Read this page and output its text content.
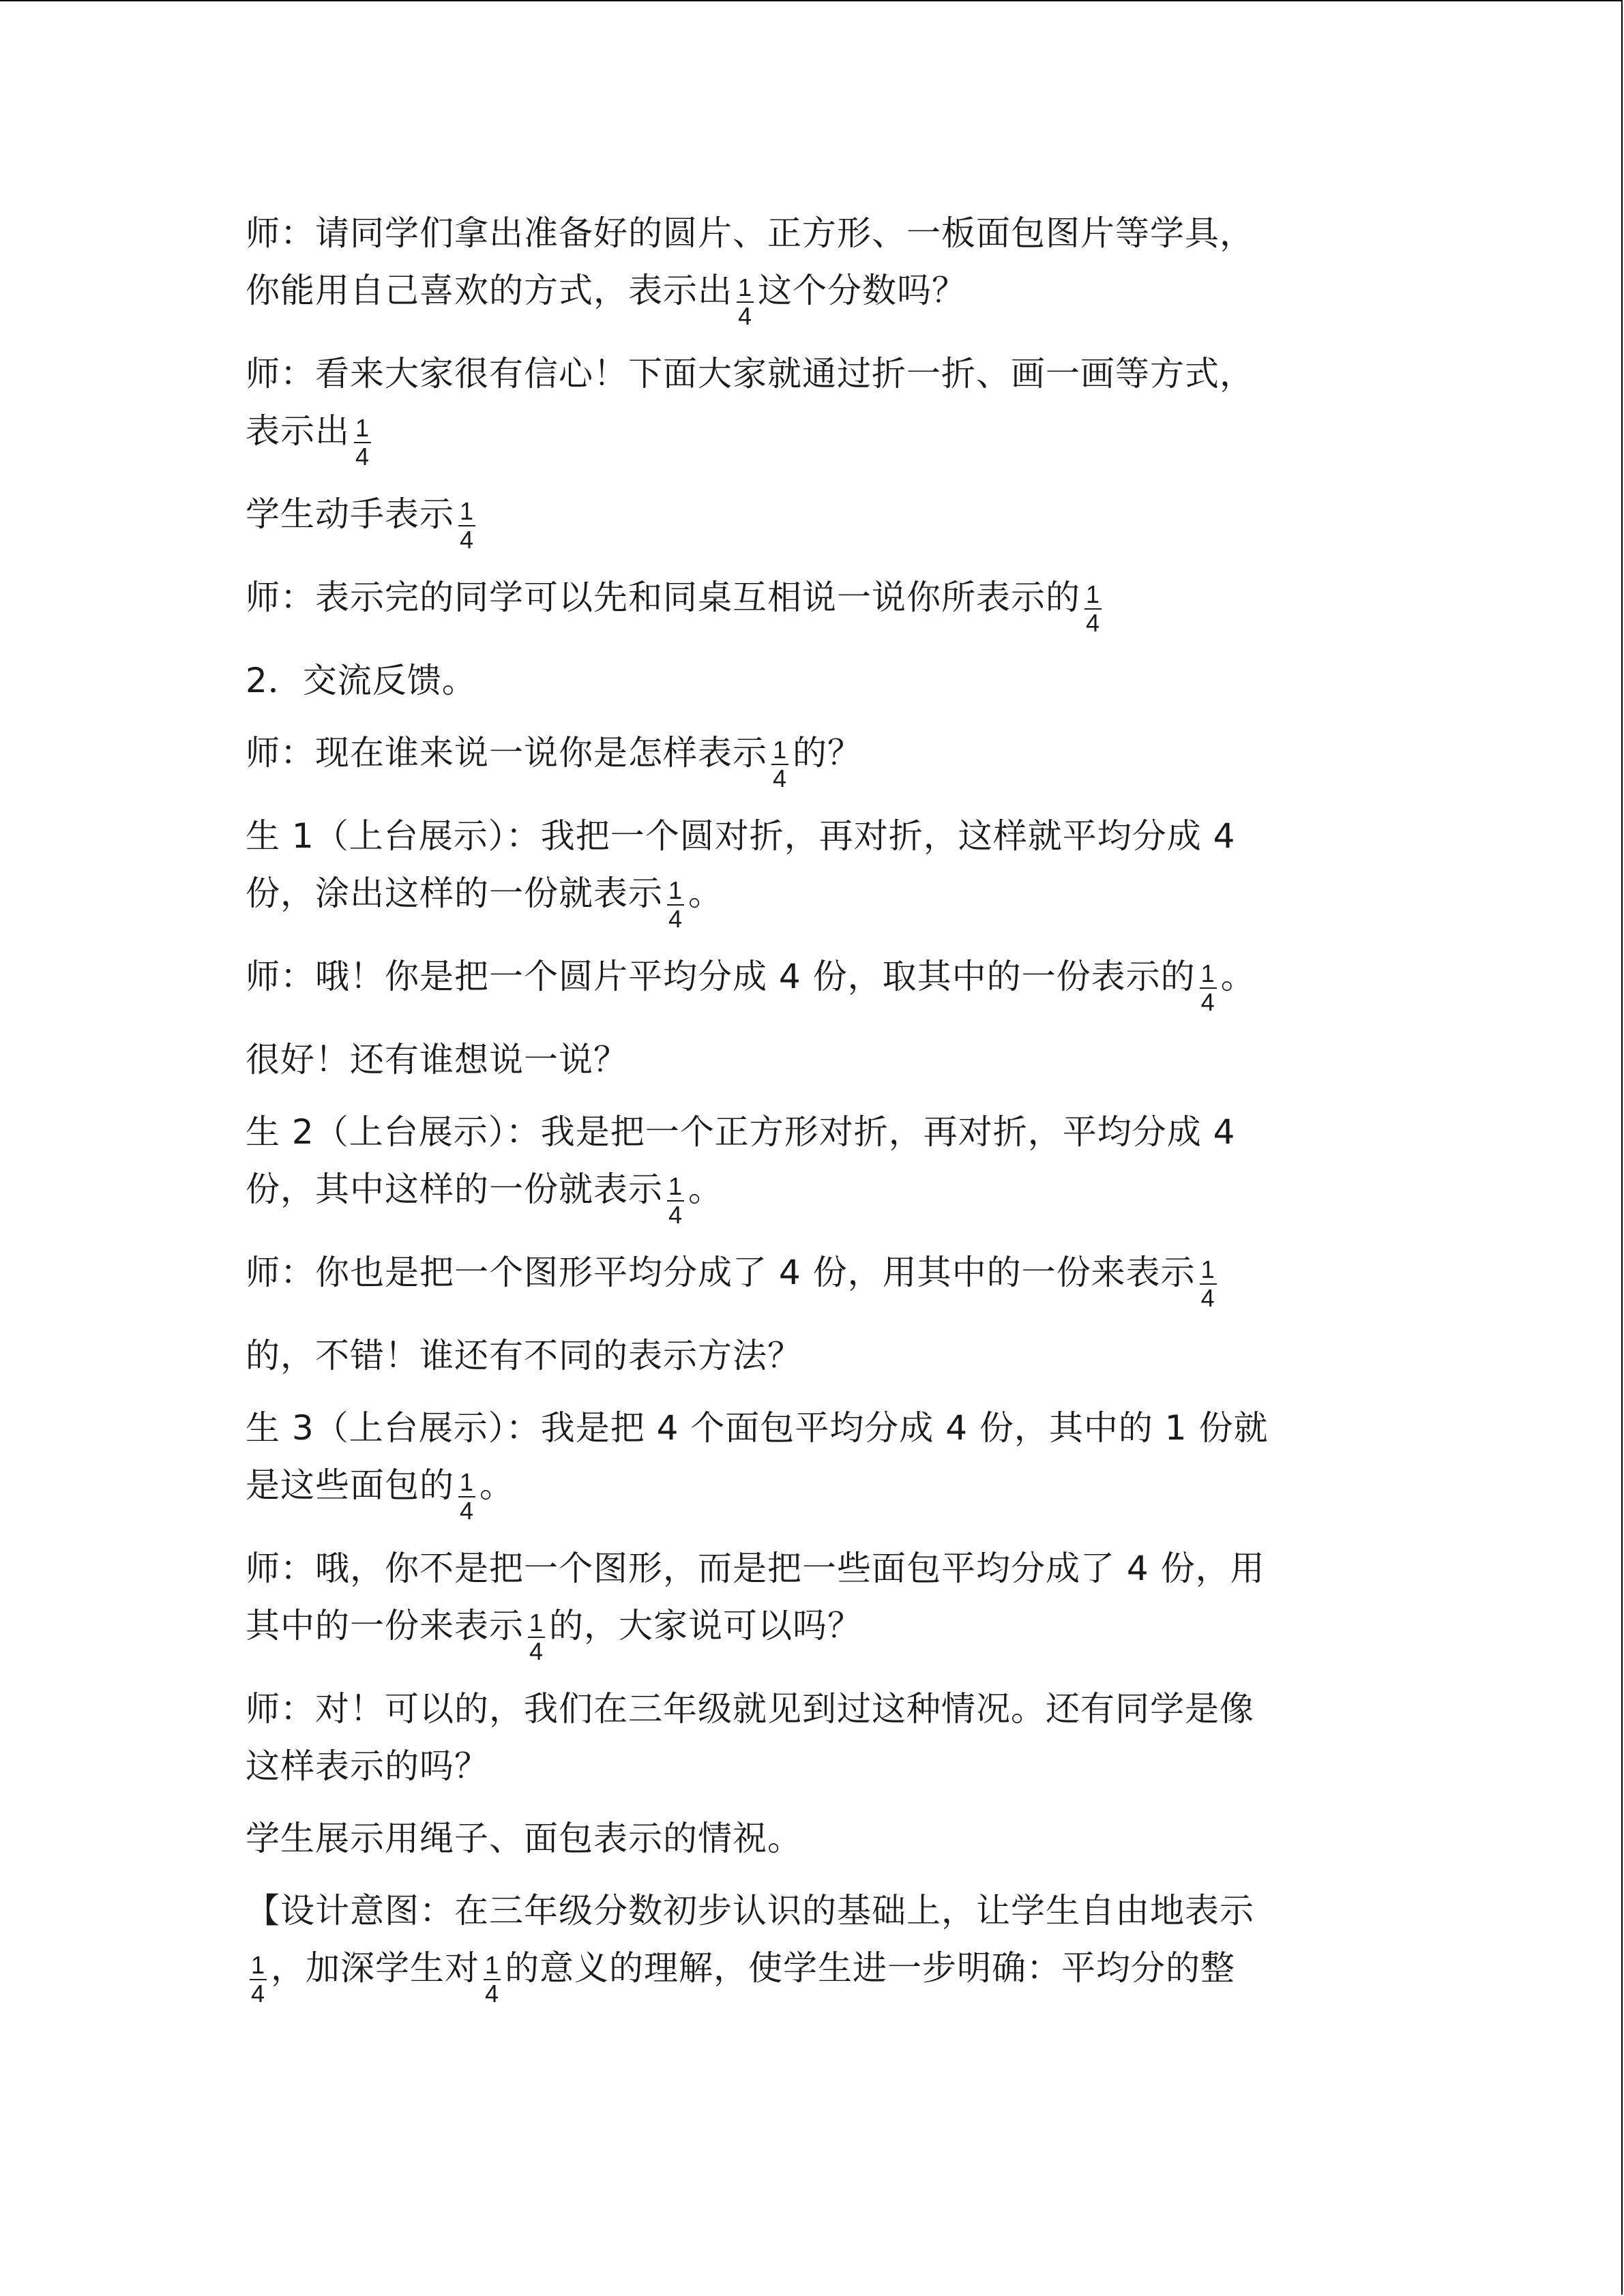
师：请同学们拿出准备好的圆片、正方形、一板面包图片等学具，
你能用自己喜欢的方式，表示出 $\frac{1}{4}$ 这个分数吗？
师：看来大家很有信心！下面大家就通过折一折、画一画等方式，
表示出 $\frac{1}{4}$
学生动手表示 $\frac{1}{4}$
师：表示完的同学可以先和同桌互相说一说你所表示的 $\frac{1}{4}$
2．交流反馈。
师：现在谁来说一说你是怎样表示 $\frac{1}{4}$ 的？
生 1（上台展示）：我把一个圆对折，再对折，这样就平均分成 4
份，涂出这样的一份就表示 $\frac{1}{4}$ 。
师：哦！你是把一个圆片平均分成 4 份，取其中的一份表示的 $\frac{1}{4}$ 。
很好！还有谁想说一说？
生 2（上台展示）：我是把一个正方形对折，再对折，平均分成 4
份，其中这样的一份就表示 $\frac{1}{4}$ 。
师：你也是把一个图形平均分成了 4 份，用其中的一份来表示 $\frac{1}{4}$
的，不错！谁还有不同的表示方法？
生 3（上台展示）：我是把 4 个面包平均分成 4 份，其中的 1 份就
是这些面包的 $\frac{1}{4}$ 。
师：哦，你不是把一个图形，而是把一些面包平均分成了 4 份，用
其中的一份来表示 $\frac{1}{4}$ 的，大家说可以吗？
师：对！可以的，我们在三年级就见到过这种情况。还有同学是像
这样表示的吗？
学生展示用绳子、面包表示的情祝。
【设计意图：在三年级分数初步认识的基础上，让学生自由地表示
$\frac{1}{4}$ ，加深学生对 $\frac{1}{4}$ 的意义的理解，使学生进一步明确：平均分的整
